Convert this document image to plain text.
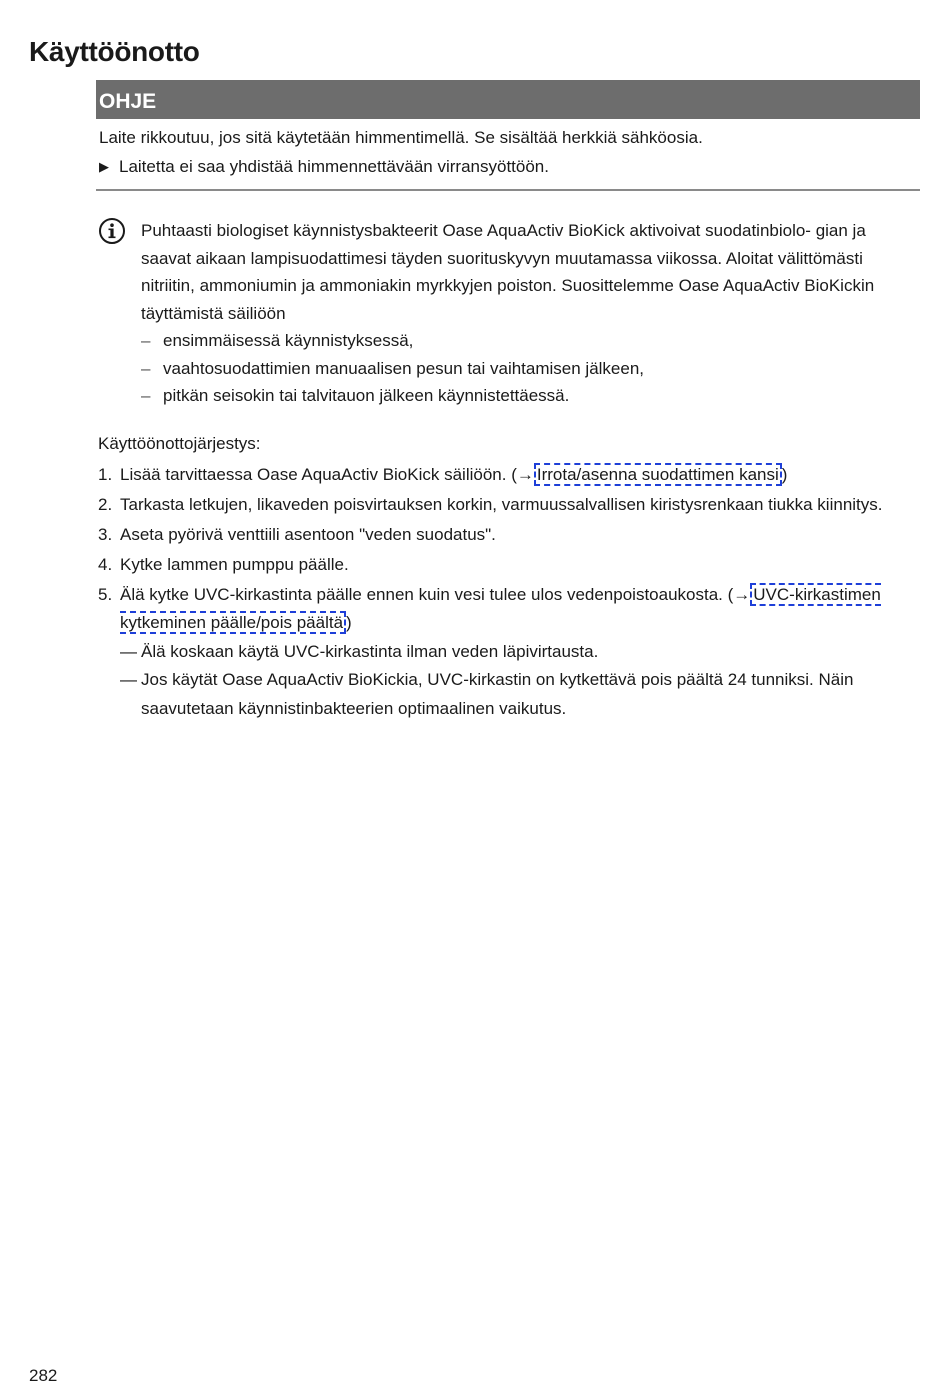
Käyttöönotto
OHJE
Laite rikkoutuu, jos sitä käytetään himmentimellä. Se sisältää herkkiä sähköosia.
▶ Laitetta ei saa yhdistää himmennettävään virransyöttöön.
Puhtaasti biologiset käynnistysbakteerit Oase AquaActiv BioKick aktivoivat suodatinbiolo- gian ja saavat aikaan lampisuodattimesi täyden suorituskyvyn muutamassa viikossa. Aloitat välittömästi nitriitin, ammoniumin ja ammoniakin myrkkyjen poiston. Suosittelemme Oase AquaActiv BioKickin täyttämistä säiliöön
– ensimmäisessä käynnistyksessä,
– vaahtosuodattimien manuaalisen pesun tai vaihtamisen jälkeen,
– pitkän seisokin tai talvitauon jälkeen käynnistettäessä.
Käyttöönottojärjestys:
1. Lisää tarvittaessa Oase AquaActiv BioKick säiliöön. (→ Irrota/asenna suodattimen kansi )
2. Tarkasta letkujen, likaveden poisvirtauksen korkin, varmuussalvallisen kiristysrenkaan tiukka kiinnitys.
3. Aseta pyörivä venttiili asentoon "veden suodatus".
4. Kytke lammen pumppu päälle.
5. Älä kytke UVC-kirkastinta päälle ennen kuin vesi tulee ulos vedenpoistoaukosta. (→ UVC-kirkastimen kytkeminen päälle/pois päältä )
— Älä koskaan käytä UVC-kirkastinta ilman veden läpivirtausta.
— Jos käytät Oase AquaActiv BioKickia, UVC-kirkastin on kytkettävä pois päältä 24 tunniksi. Näin saavutetaan käynnistinbakteerien optimaalinen vaikutus.
282
